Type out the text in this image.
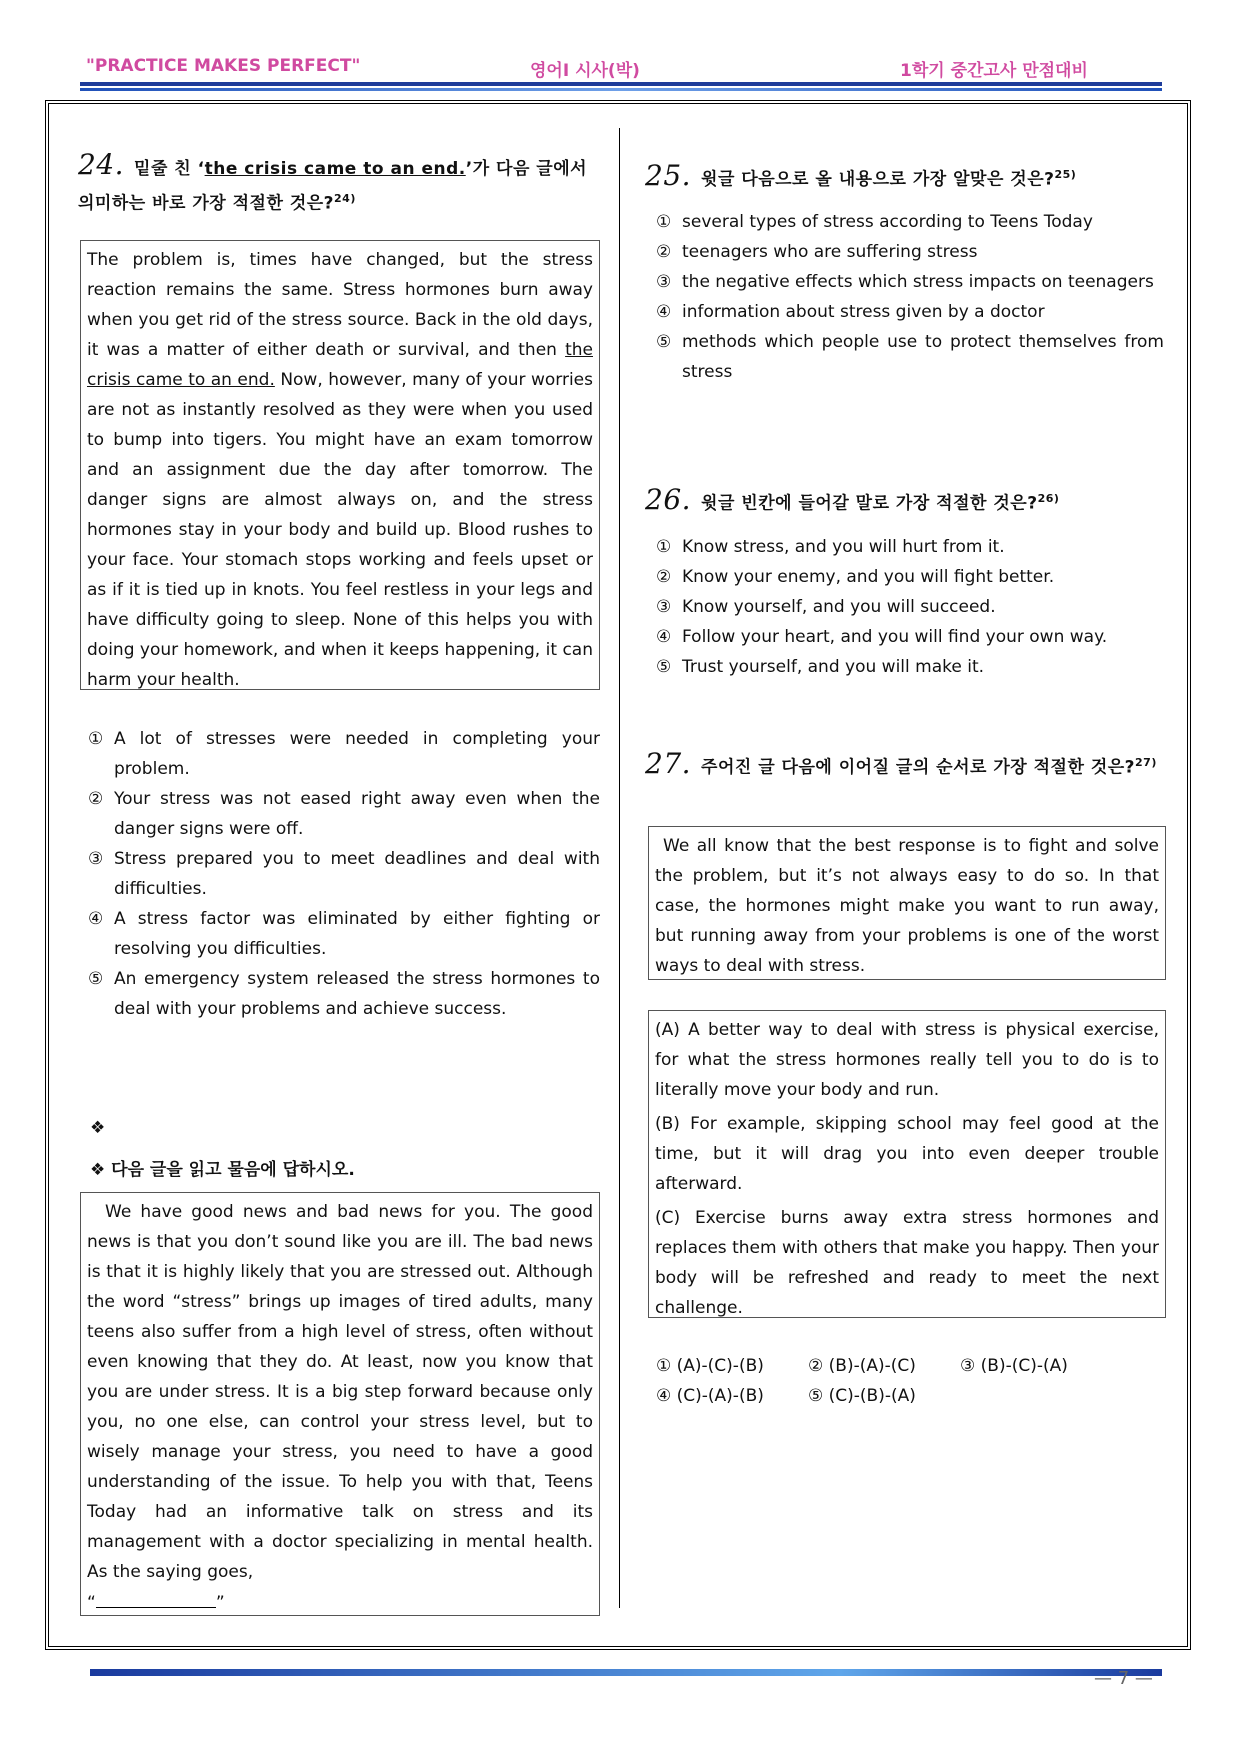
"PRACTICE MAKES PERFECT"	영어Ⅰ 시사(박)	1학기 중간고사 만점대비
24. 밑줄 친 ‘the crisis came to an end.’가 다음 글에서 의미하는 바로 가장 적절한 것은?$^{24)}$

The problem is, times have changed, but the stress reaction remains the same. Stress hormones burn away when you get rid of the stress source. Back in the old days, it was a matter of either death or survival, and then the crisis came to an end. Now, however, many of your worries are not as instantly resolved as they were when you used to bump into tigers. You might have an exam tomorrow and an assignment due the day after tomorrow. The danger signs are almost always on, and the stress hormones stay in your body and build up. Blood rushes to your face. Your stomach stops working and feels upset or as if it is tied up in knots. You feel restless in your legs and have difficulty going to sleep. None of this helps you with doing your homework, and when it keeps happening, it can harm your health.

① A lot of stresses were needed in completing your problem.
② Your stress was not eased right away even when the danger signs were off.
③ Stress prepared you to meet deadlines and deal with difficulties.
④ A stress factor was eliminated by either fighting or resolving you difficulties.
⑤ An emergency system released the stress hormones to deal with your problems and achieve success.
❖
❖ 다음 글을 읽고 물음에 답하시오.

We have good news and bad news for you. The good news is that you don’t sound like you are ill. The bad news is that it is highly likely that you are stressed out. Although the word “stress” brings up images of tired adults, many teens also suffer from a high level of stress, often without even knowing that they do. At least, now you know that you are under stress. It is a big step forward because only you, no one else, can control your stress level, but to wisely manage your stress, you need to have a good understanding of the issue. To help you with that, Teens Today had an informative talk on stress and its management with a doctor specializing in mental health. As the saying goes,

“	”

25. 윗글 다음으로 올 내용으로 가장 알맞은 것은?$^{25)}$
① several types of stress according to Teens Today
② teenagers who are suffering stress
③ the negative effects which stress impacts on teenagers
④ information about stress given by a doctor
⑤ methods which people use to protect themselves from stress
26. 윗글 빈칸에 들어갈 말로 가장 적절한 것은?$^{26)}$
① Know stress, and you will hurt from it.
② Know your enemy, and you will fight better.
③ Know yourself, and you will succeed.
④ Follow your heart, and you will find your own way.
⑤ Trust yourself, and you will make it.
27. 주어진 글 다음에 이어질 글의 순서로 가장 적절한 것은?$^{27)}$

We all know that the best response is to fight and solve the problem, but it’s not always easy to do so. In that case, the hormones might make you want to run away, but running away from your problems is one of the worst ways to deal with stress.

(A) A better way to deal with stress is physical exercise, for what the stress hormones really tell you to do is to literally move your body and run.

(B) For example, skipping school may feel good at the time, but it will drag you into even deeper trouble afterward.

(C) Exercise burns away extra stress hormones and replaces them with others that make you happy. Then your body will be refreshed and ready to meet the next challenge.

① (A)-(C)-(B)	② (B)-(A)-(C)	③ (B)-(C)-(A)
④ (C)-(A)-(B)	⑤ (C)-(B)-(A)
— 7 —
